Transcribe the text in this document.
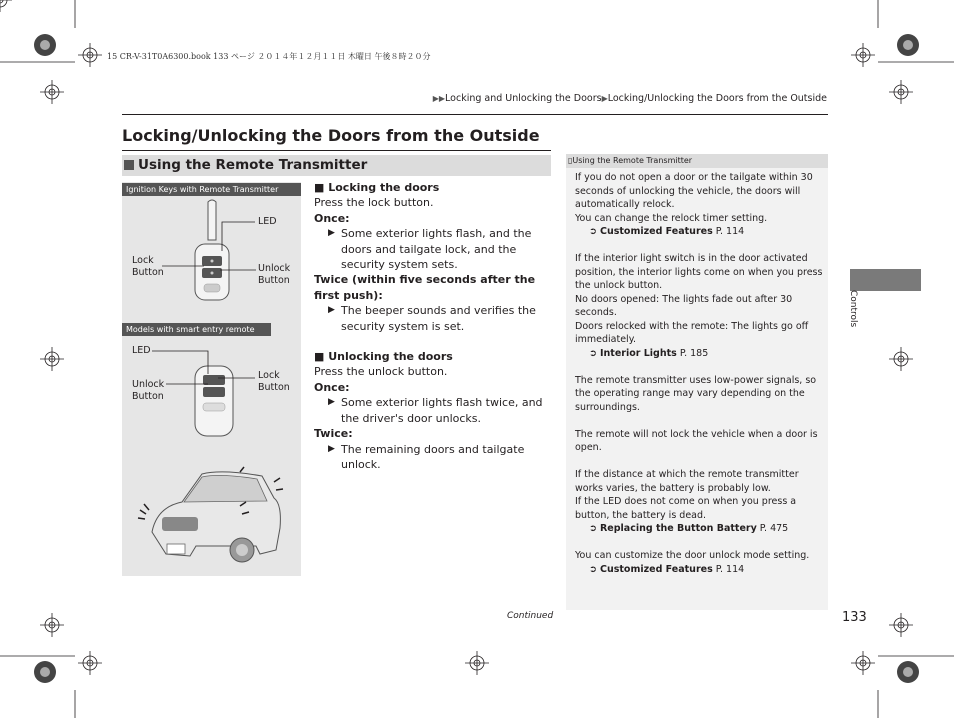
15 CR-V-31T0A6300.book 133 ページ ２０１４年１２月１１日 木曜日 午後８時２０分
▶▶Locking and Unlocking the Doors▶Locking/Unlocking the Doors from the Outside
Locking/Unlocking the Doors from the Outside
Using the Remote Transmitter
Ignition Keys with Remote Transmitter
LED
Lock
Button	Unlock
Button
Models with smart entry remote
LED
Unlock
Button
Lock
Button

■ Locking the doors

Press the lock button.

Once:

▶ Some exterior lights flash, and the doors and tailgate lock, and the security system sets.

Twice (within five seconds after the first push):

▶ The beeper sounds and verifies the security system is set.

■ Unlocking the doors

Press the unlock button.

Once:

▶ Some exterior lights flash twice, and the driver's door unlocks.

Twice:

▶ The remaining doors and tailgate unlock.

▯Using the Remote Transmitter

If you do not open a door or the tailgate within 30 seconds of unlocking the vehicle, the doors will automatically relock.

You can change the relock timer setting.

➲ Customized Features P. 114

If the interior light switch is in the door activated position, the interior lights come on when you press the unlock button.

No doors opened: The lights fade out after 30 seconds.

Doors relocked with the remote: The lights go off immediately.

➲ Interior Lights P. 185

The remote transmitter uses low-power signals, so the operating range may vary depending on the surroundings.

The remote will not lock the vehicle when a door is open.

If the distance at which the remote transmitter works varies, the battery is probably low.

If the LED does not come on when you press a button, the battery is dead.

➲ Replacing the Button Battery P. 475

You can customize the door unlock mode setting.

➲ Customized Features P. 114

Controls
Continued	133
